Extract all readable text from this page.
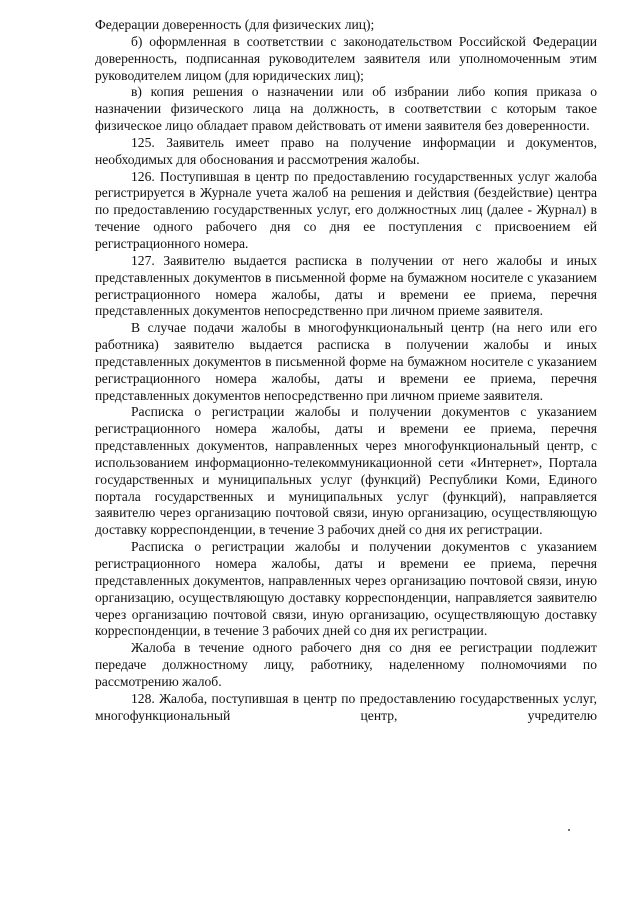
Федерации доверенность (для физических лиц);

б) оформленная в соответствии с законодательством Российской Федерации доверенность, подписанная руководителем заявителя или уполномоченным этим руководителем лицом (для юридических лиц);

в) копия решения о назначении или об избрании либо копия приказа о назначении физического лица на должность, в соответствии с которым такое физическое лицо обладает правом действовать от имени заявителя без доверенности.

125. Заявитель имеет право на получение информации и документов, необходимых для обоснования и рассмотрения жалобы.

126. Поступившая в центр по предоставлению государственных услуг жалоба регистрируется в Журнале учета жалоб на решения и действия (бездействие) центра по предоставлению государственных услуг, его должностных лиц (далее - Журнал) в течение одного рабочего дня со дня ее поступления с присвоением ей регистрационного номера.

127. Заявителю выдается расписка в получении от него жалобы и иных представленных документов в письменной форме на бумажном носителе с указанием регистрационного номера жалобы, даты и времени ее приема, перечня представленных документов непосредственно при личном приеме заявителя.

В случае подачи жалобы в многофункциональный центр (на него или его работника) заявителю выдается расписка в получении жалобы и иных представленных документов в письменной форме на бумажном носителе с указанием регистрационного номера жалобы, даты и времени ее приема, перечня представленных документов непосредственно при личном приеме заявителя.

Расписка о регистрации жалобы и получении документов с указанием регистрационного номера жалобы, даты и времени ее приема, перечня представленных документов, направленных через многофункциональный центр, с использованием информационно-телекоммуникационной сети «Интернет», Портала государственных и муниципальных услуг (функций) Республики Коми, Единого портала государственных и муниципальных услуг (функций), направляется заявителю через организацию почтовой связи, иную организацию, осуществляющую доставку корреспонденции, в течение 3 рабочих дней со дня их регистрации.

Расписка о регистрации жалобы и получении документов с указанием регистрационного номера жалобы, даты и времени ее приема, перечня представленных документов, направленных через организацию почтовой связи, иную организацию, осуществляющую доставку корреспонденции, направляется заявителю через организацию почтовой связи, иную организацию, осуществляющую доставку корреспонденции, в течение 3 рабочих дней со дня их регистрации.

Жалоба в течение одного рабочего дня со дня ее регистрации подлежит передаче должностному лицу, работнику, наделенному полномочиями по рассмотрению жалоб.

128. Жалоба, поступившая в центр по предоставлению государственных услуг, многофункциональный центр, учредителю
